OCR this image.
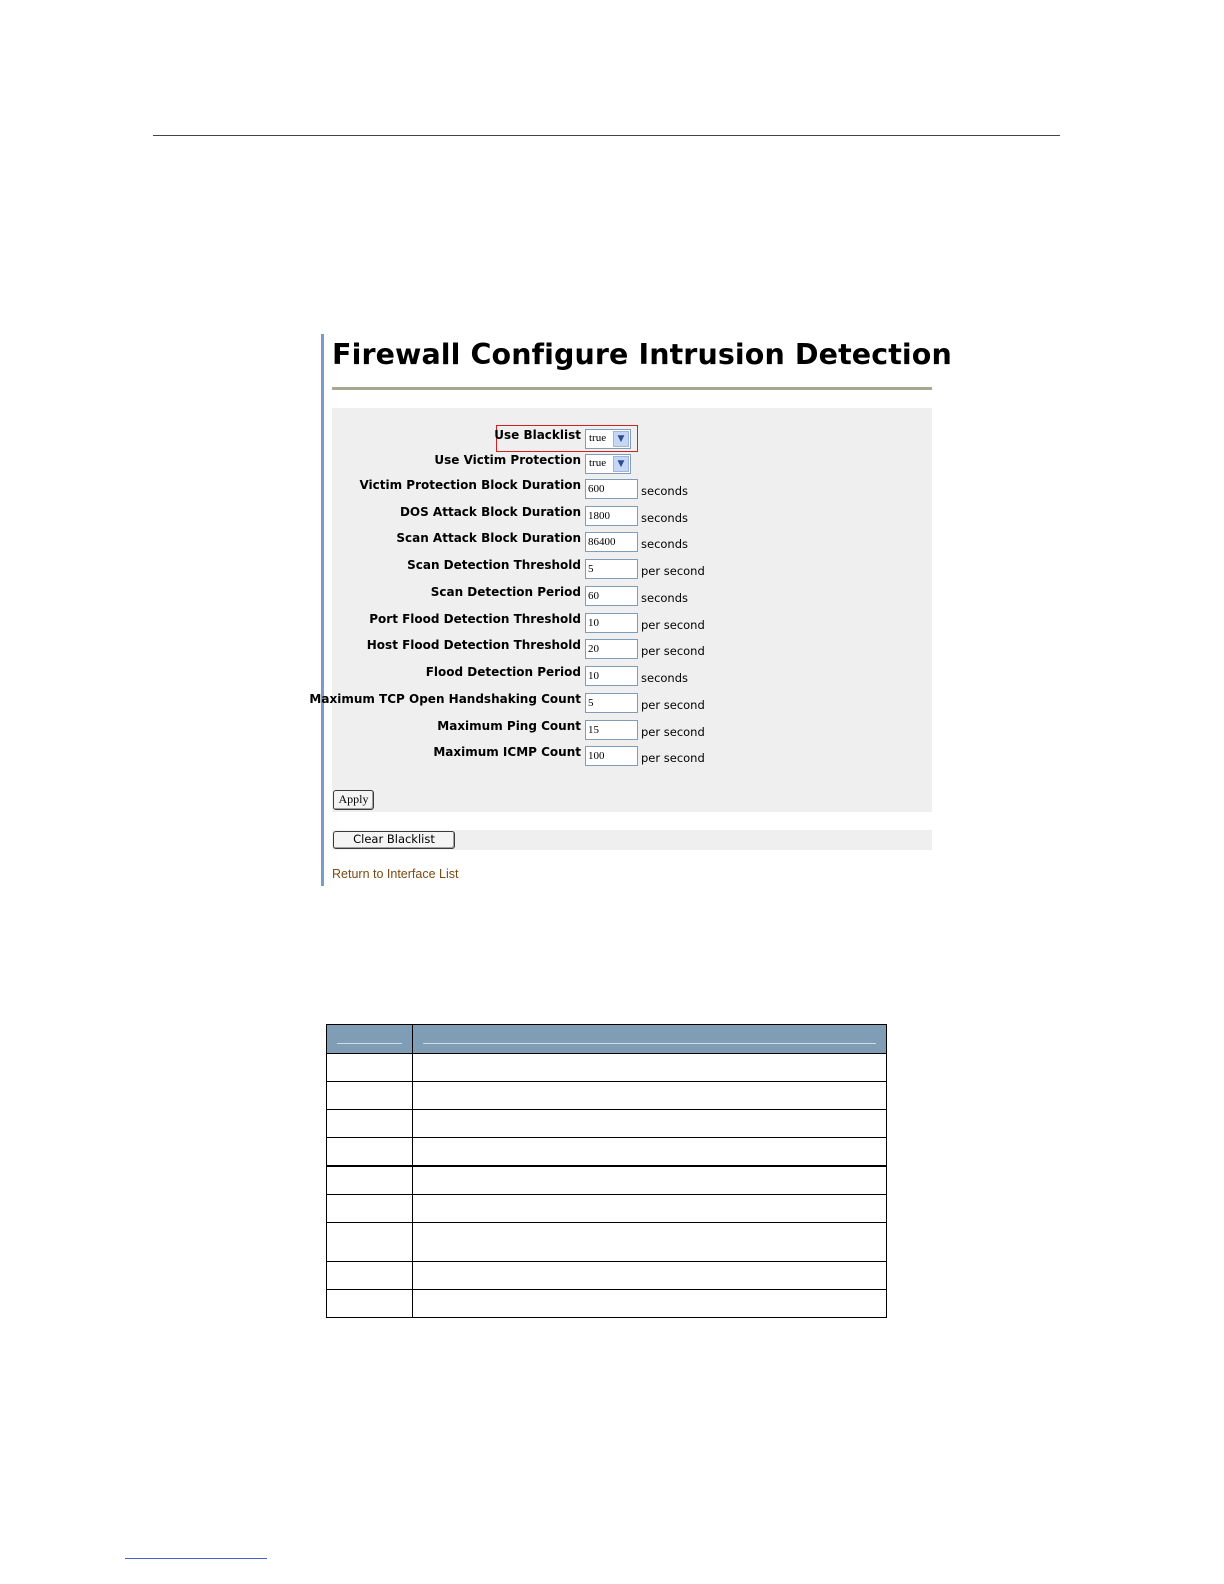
Firewall Configure Intrusion Detection
Use Blacklist true	▼
Use Victim Protection true	▼
Victim Protection Block Duration 600	seconds
DOS Attack Block Duration 1800	seconds
Scan Attack Block Duration 86400	seconds
Scan Detection Threshold 5	per second
Scan Detection Period 60	seconds
Port Flood Detection Threshold 10	per second
Host Flood Detection Threshold 20	per second
Flood Detection Period 10	seconds
Maximum TCP Open Handshaking Count 5	per second
Maximum Ping Count 15	per second
Maximum ICMP Count 100	per second
Apply
Clear Blacklist
Return to Interface List
